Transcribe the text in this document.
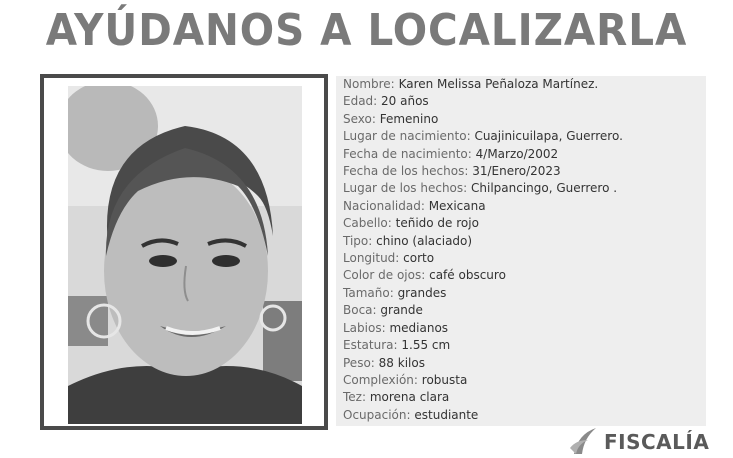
AYÚDANOS A LOCALIZARLA
Nombre: Karen Melissa Peñaloza Martínez.
Edad: 20 años
Sexo: Femenino
Lugar de nacimiento: Cuajinicuilapa, Guerrero.
Fecha de nacimiento: 4/Marzo/2002
Fecha de los hechos: 31/Enero/2023
Lugar de los hechos: Chilpancingo, Guerrero .
Nacionalidad: Mexicana
Cabello: teñido de rojo
Tipo: chino (alaciado)
Longitud: corto
Color de ojos: café obscuro
Tamaño: grandes
Boca: grande
Labios: medianos
Estatura: 1.55 cm
Peso: 88 kilos
Complexión: robusta
Tez: morena clara
Ocupación: estudiante
FISCALÍA
